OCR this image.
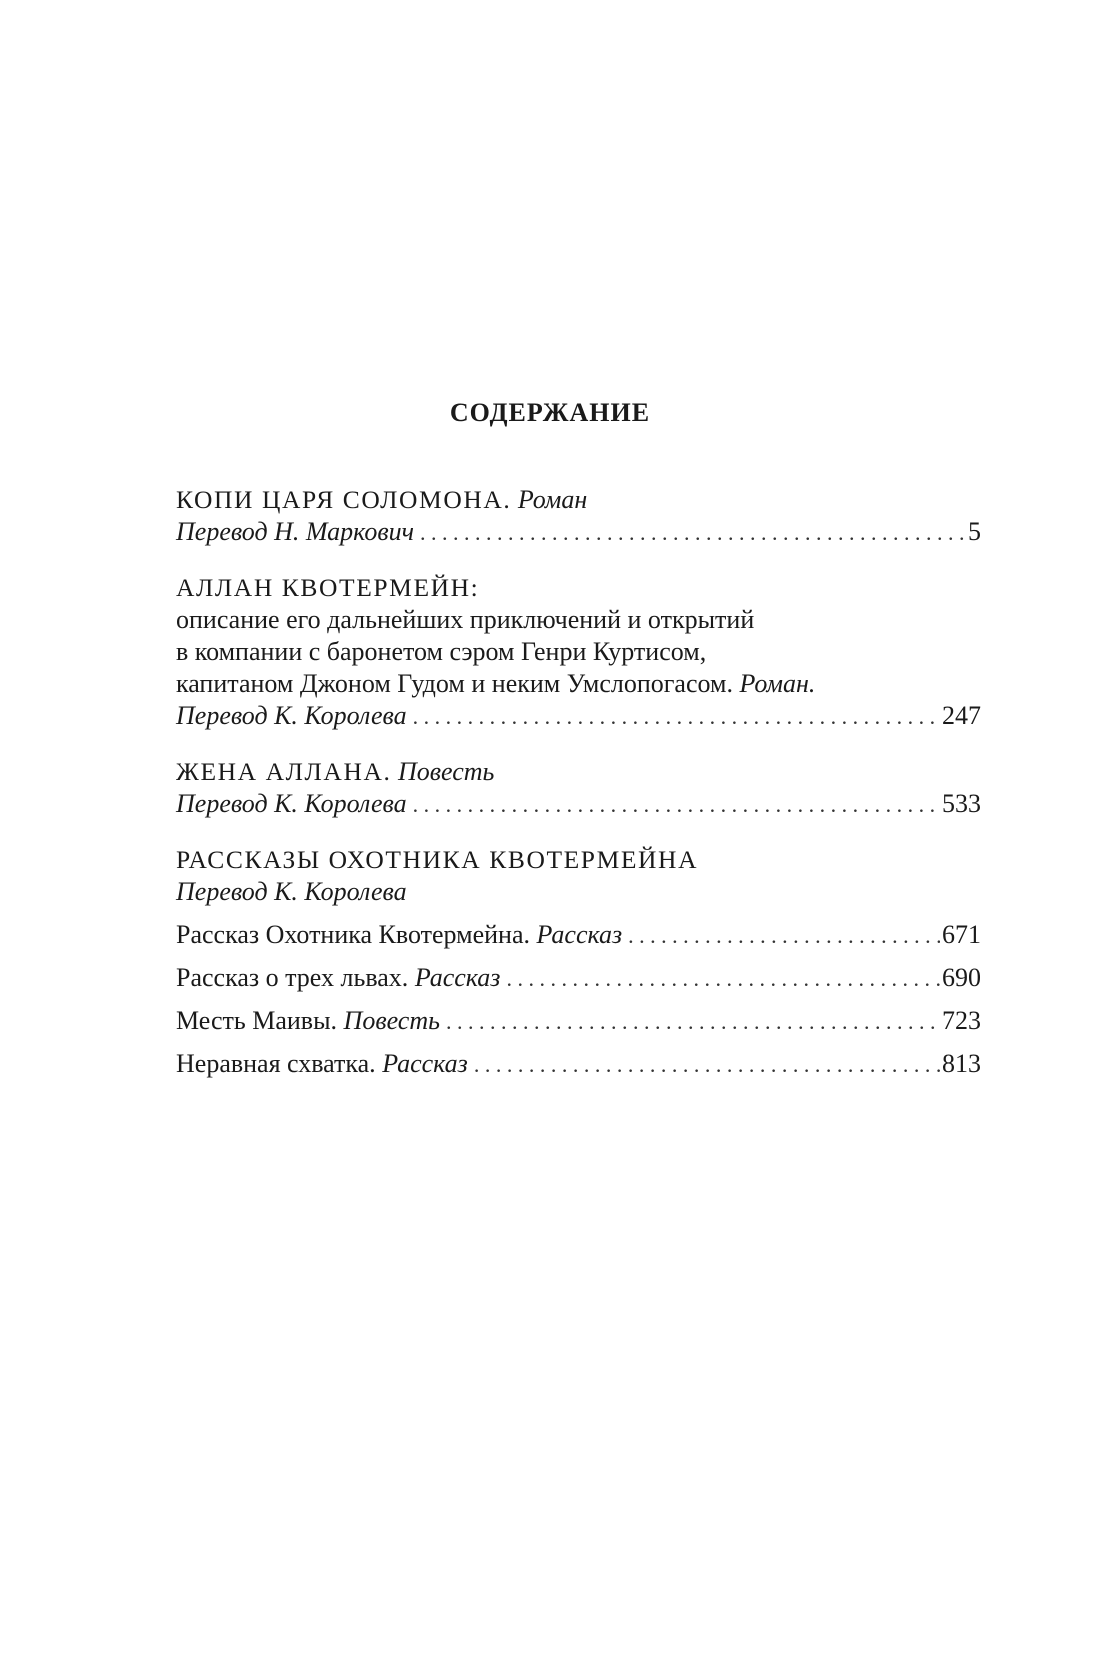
СОДЕРЖАНИЕ
КОПИ ЦАРЯ СОЛОМОНА. Роман
Перевод Н. Маркович . . .	5
АЛЛАН КВОТЕРМЕЙН:
описание его дальнейших приключений и открытий
в компании с баронетом сэром Генри Куртисом,
капитаном Джоном Гудом и неким Умслопогасом. Роман.
Перевод К. Королева . . .	247
ЖЕНА АЛЛАНА. Повесть
Перевод К. Королева . . .	533
РАССКАЗЫ ОХОТНИКА КВОТЕРМЕЙНА
Перевод К. Королева
Рассказ Охотника Квотермейна. Рассказ . . .	671
Рассказ о трех львах. Рассказ . . .	690
Месть Маивы. Повесть . . .	723
Неравная схватка. Рассказ . . .	813
